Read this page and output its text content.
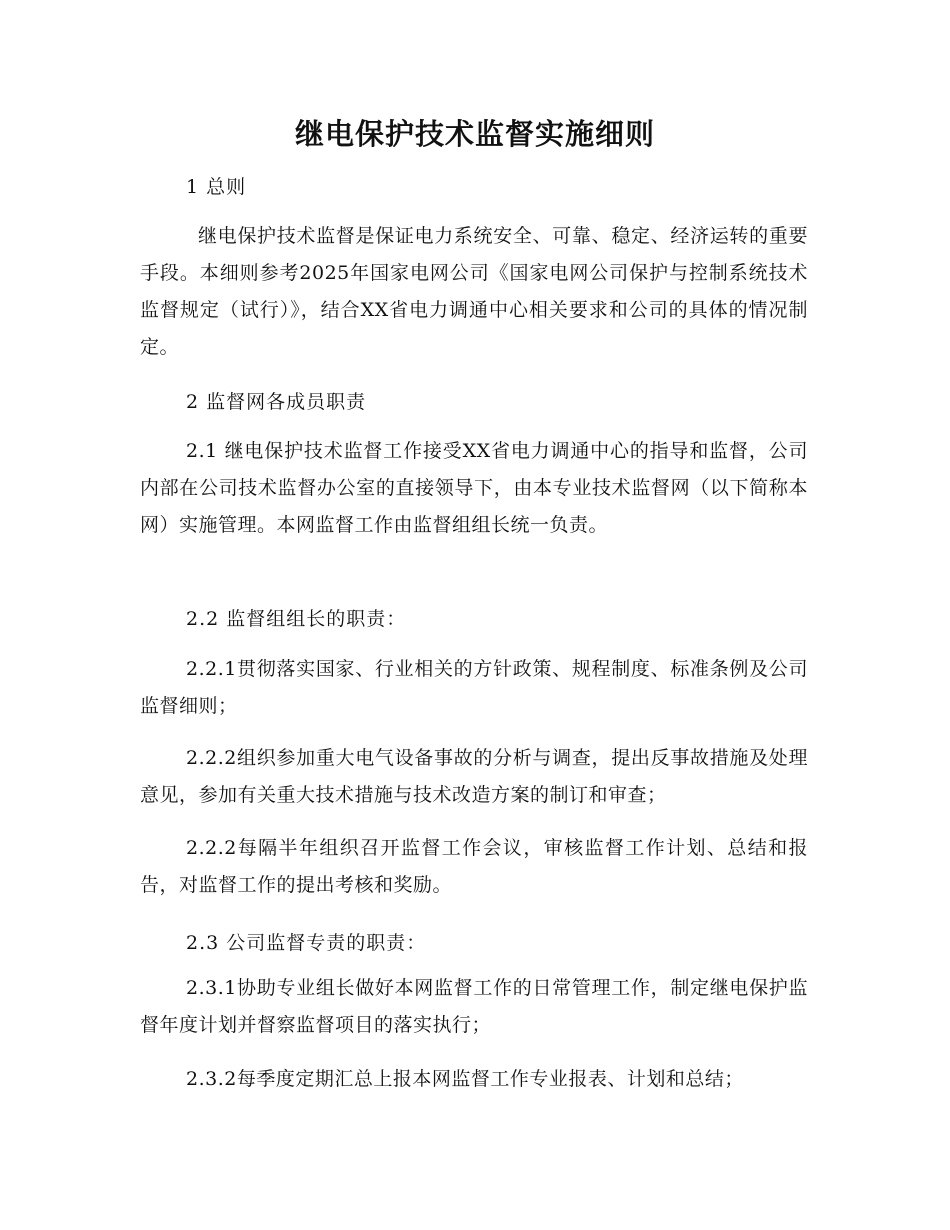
继电保护技术监督实施细则

1 总则

继电保护技术监督是保证电力系统安全、可靠、稳定、经济运转的重要手段。本细则参考2025年国家电网公司《国家电网公司保护与控制系统技术监督规定（试行）》，结合XX省电力调通中心相关要求和公司的具体的情况制定。

2 监督网各成员职责

2.1 继电保护技术监督工作接受XX省电力调通中心的指导和监督，公司内部在公司技术监督办公室的直接领导下，由本专业技术监督网（以下简称本网）实施管理。本网监督工作由监督组组长统一负责。

2.2 监督组组长的职责：

2.2.1贯彻落实国家、行业相关的方针政策、规程制度、标准条例及公司监督细则；

2.2.2组织参加重大电气设备事故的分析与调查，提出反事故措施及处理意见，参加有关重大技术措施与技术改造方案的制订和审查；

2.2.2每隔半年组织召开监督工作会议，审核监督工作计划、总结和报告，对监督工作的提出考核和奖励。

2.3 公司监督专责的职责：

2.3.1协助专业组长做好本网监督工作的日常管理工作，制定继电保护监督年度计划并督察监督项目的落实执行；

2.3.2每季度定期汇总上报本网监督工作专业报表、计划和总结；
